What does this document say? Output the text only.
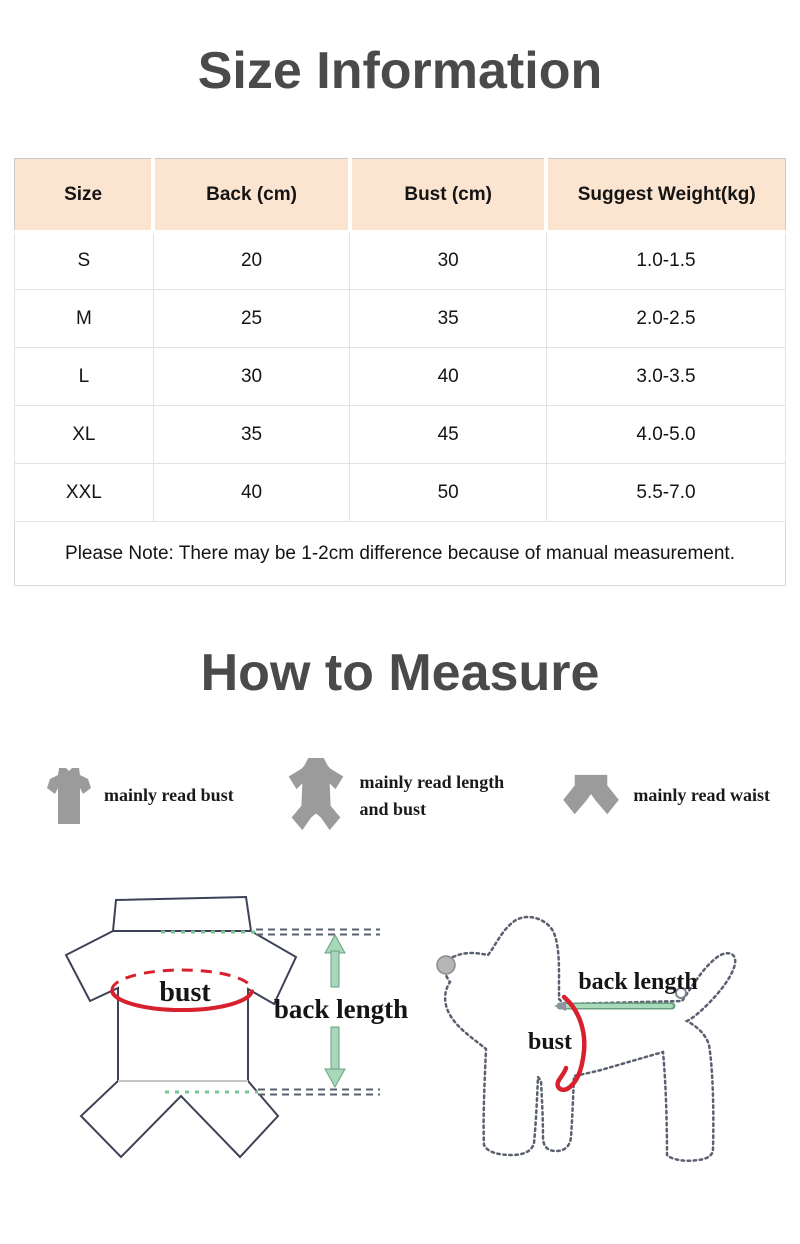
Size Information
Size	Back (cm)	Bust (cm)	Suggest Weight(kg)
S	20	30	1.0-1.5
M	25	35	2.0-2.5
L	30	40	3.0-3.5
XL	35	45	4.0-5.0
XXL	40	50	5.5-7.0
Please Note: There may be 1-2cm difference because of manual measurement.			
How to Measure
mainly read bust
mainly read length and bust
mainly read waist
bust
back length
back length
bust
